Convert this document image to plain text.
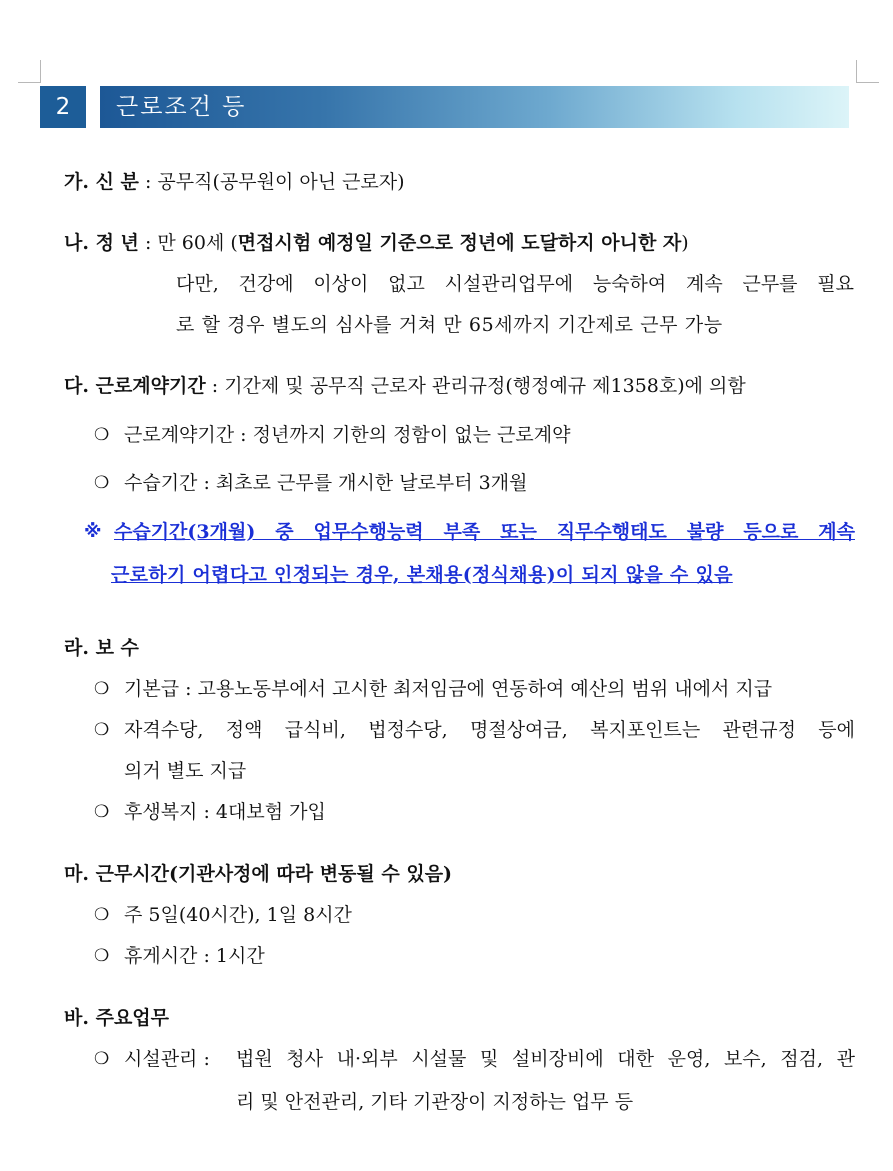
2	근로조건 등
가. 신 분 : 공무직(공무원이 아닌 근로자)
나. 정 년 : 만 60세 (면접시험 예정일 기준으로 정년에 도달하지 아니한 자)
다만, 건강에 이상이 없고 시설관리업무에 능숙하여 계속 근무를 필요
로 할 경우 별도의 심사를 거쳐 만 65세까지 기간제로 근무 가능
다. 근로계약기간 : 기간제 및 공무직 근로자 관리규정(행정예규 제1358호)에 의함
❍ 근로계약기간 : 정년까지 기한의 정함이 없는 근로계약
❍ 수습기간 : 최초로 근무를 개시한 날로부터 3개월
※ 수습기간(3개월) 중 업무수행능력 부족 또는 직무수행태도 불량 등으로 계속
근로하기 어렵다고 인정되는 경우, 본채용(정식채용)이 되지 않을 수 있음
라. 보 수
❍ 기본급 : 고용노동부에서 고시한 최저임금에 연동하여 예산의 범위 내에서 지급
❍ 자격수당, 정액 급식비, 법정수당, 명절상여금, 복지포인트는 관련규정 등에
의거 별도 지급
❍ 후생복지 : 4대보험 가입
마. 근무시간(기관사정에 따라 변동될 수 있음)
❍ 주 5일(40시간), 1일 8시간
❍ 휴게시간 : 1시간
바. 주요업무
❍ 시설관리 : 법원 청사 내·외부 시설물 및 설비장비에 대한 운영, 보수, 점검, 관
리 및 안전관리, 기타 기관장이 지정하는 업무 등
